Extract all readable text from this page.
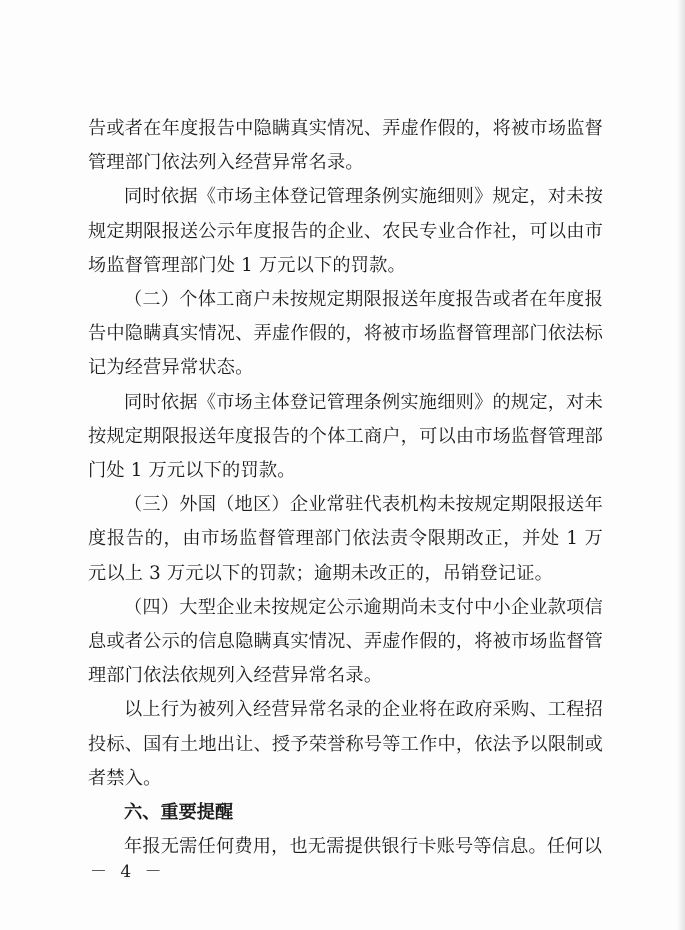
告或者在年度报告中隐瞒真实情况、弄虚作假的，将被市场监督管理部门依法列入经营异常名录。

同时依据《市场主体登记管理条例实施细则》规定，对未按规定期限报送公示年度报告的企业、农民专业合作社，可以由市场监督管理部门处 1 万元以下的罚款。

（二）个体工商户未按规定期限报送年度报告或者在年度报告中隐瞒真实情况、弄虚作假的，将被市场监督管理部门依法标记为经营异常状态。

同时依据《市场主体登记管理条例实施细则》的规定，对未按规定期限报送年度报告的个体工商户，可以由市场监督管理部门处 1 万元以下的罚款。

（三）外国（地区）企业常驻代表机构未按规定期限报送年度报告的，由市场监督管理部门依法责令限期改正，并处 1 万元以上 3 万元以下的罚款；逾期未改正的，吊销登记证。

（四）大型企业未按规定公示逾期尚未支付中小企业款项信息或者公示的信息隐瞒真实情况、弄虚作假的，将被市场监督管理部门依法依规列入经营异常名录。

以上行为被列入经营异常名录的企业将在政府采购、工程招投标、国有土地出让、授予荣誉称号等工作中，依法予以限制或者禁入。

六、重要提醒

年报无需任何费用，也无需提供银行卡账号等信息。任何以

－ 4 －
